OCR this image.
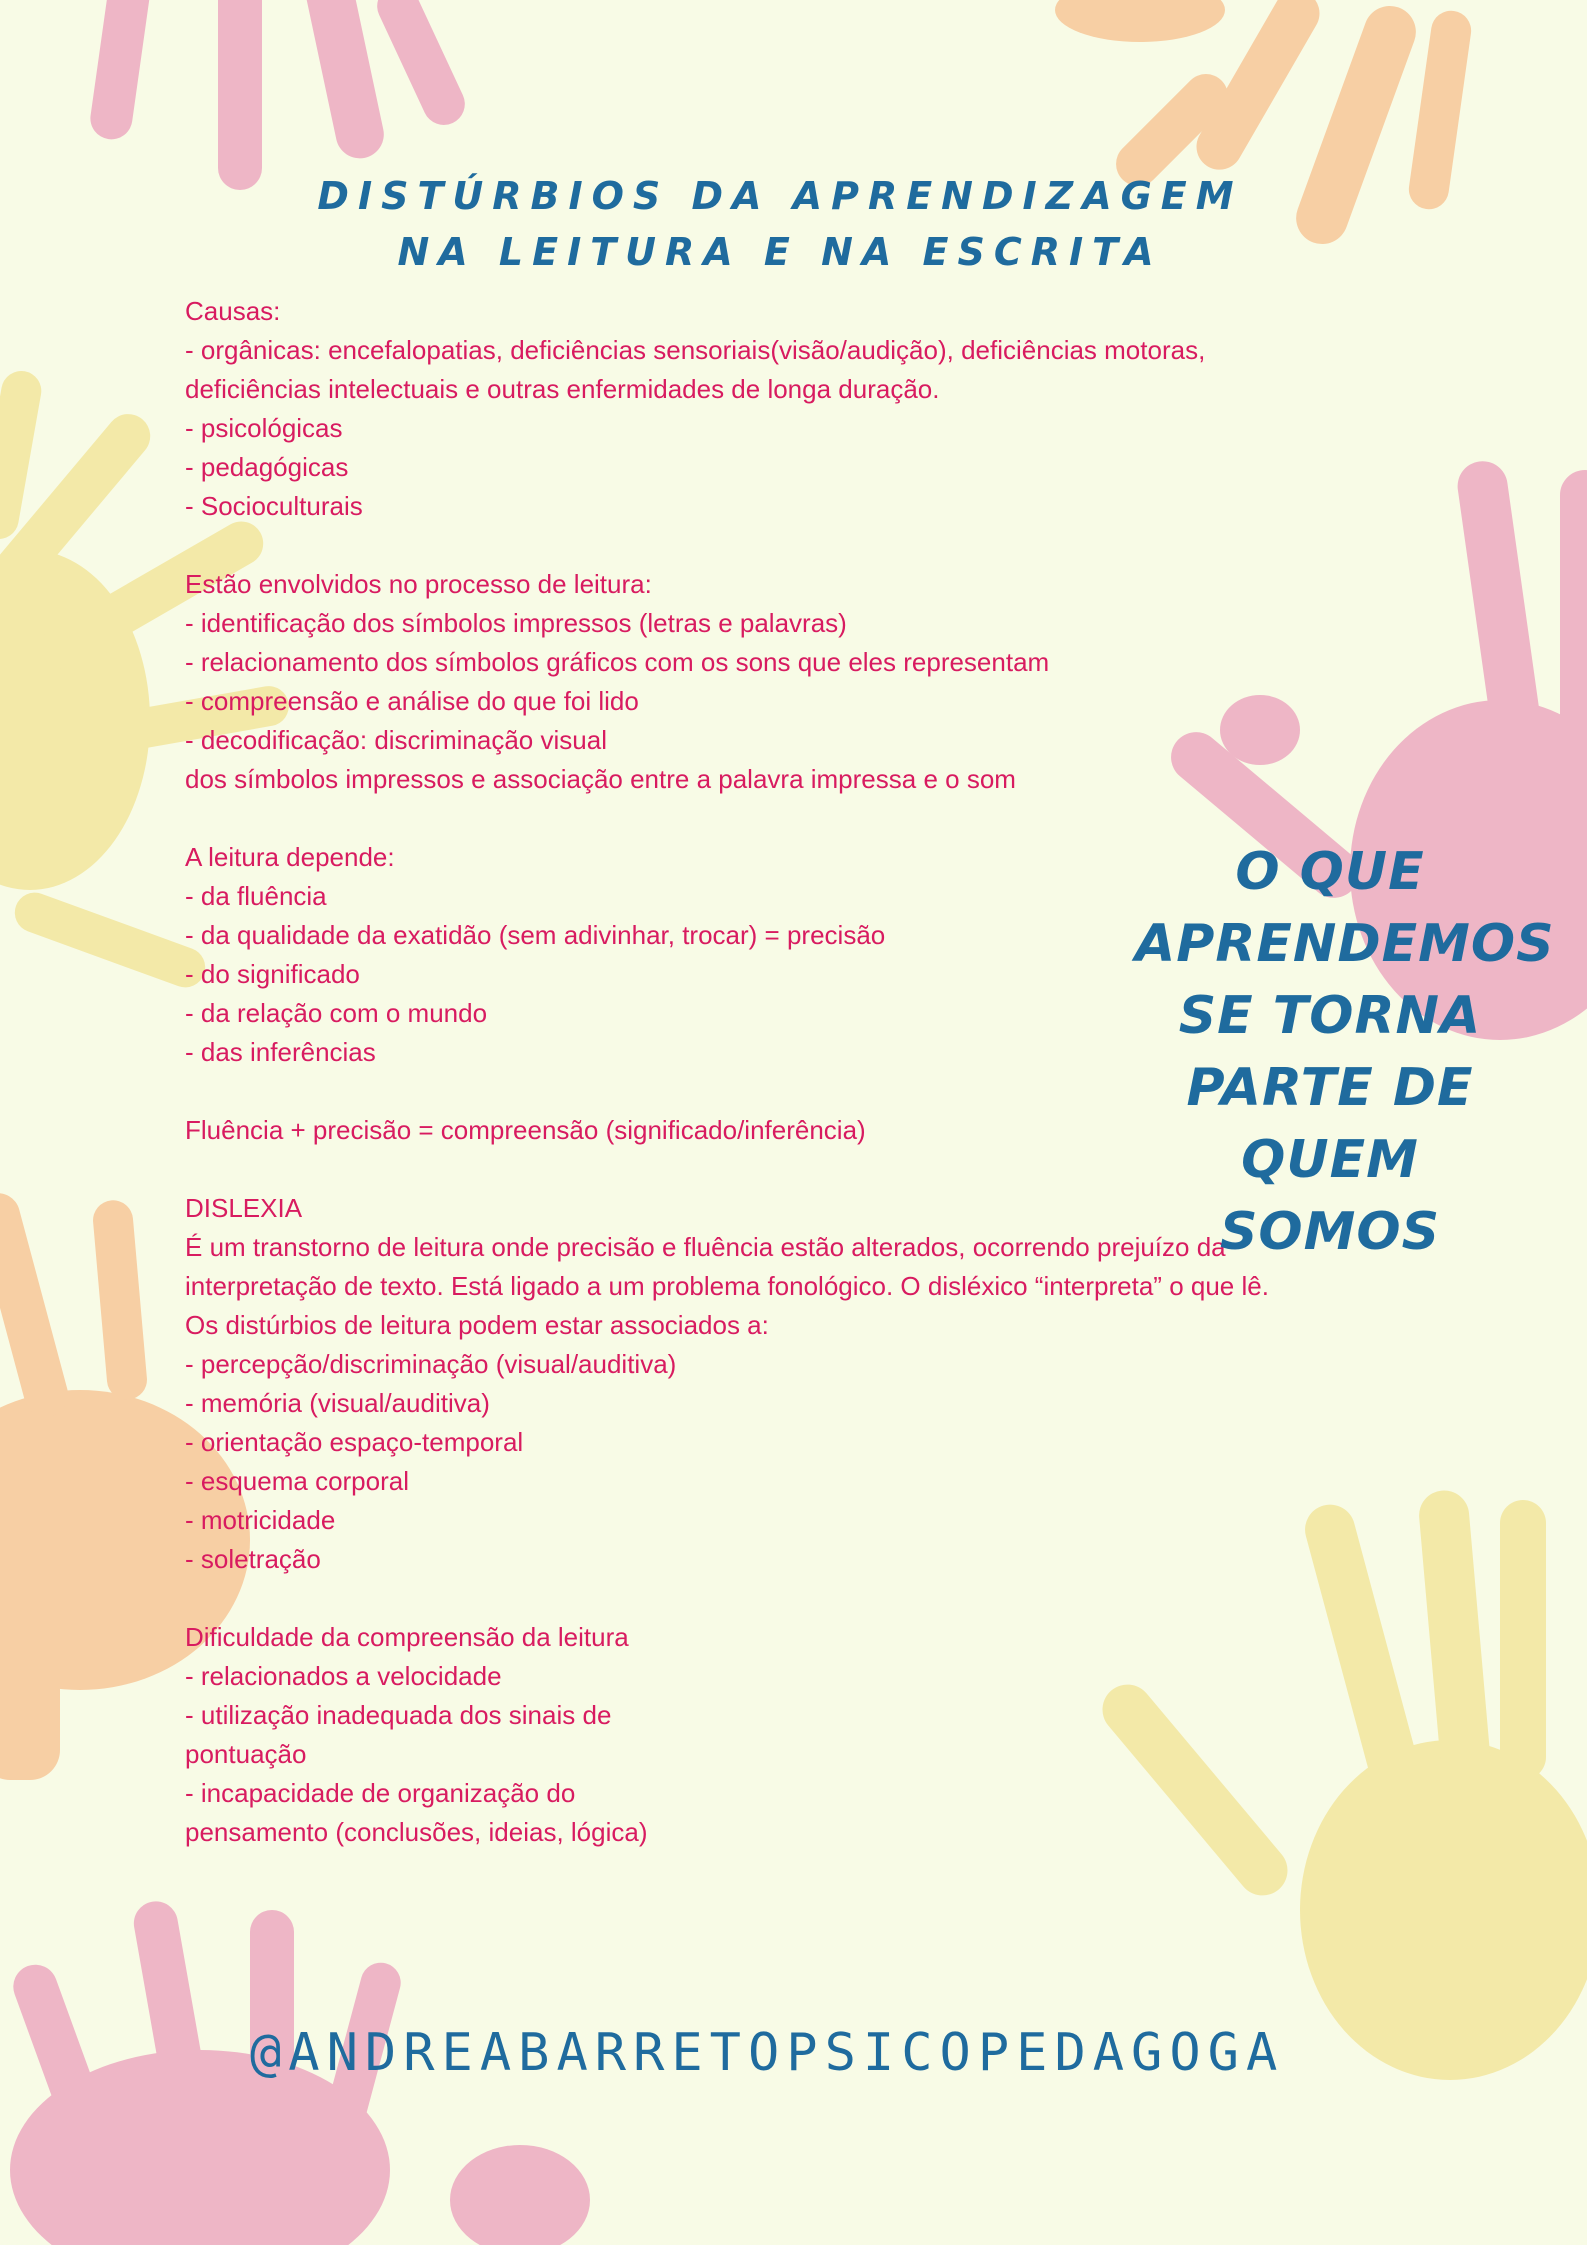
DISTÚRBIOS DA APRENDIZAGEM
NA LEITURA E NA ESCRITA
Causas:
- orgânicas: encefalopatias, deficiências sensoriais(visão/audição), deficiências motoras,
deficiências intelectuais e outras enfermidades de longa duração.
- psicológicas
- pedagógicas
- Socioculturais
Estão envolvidos no processo de leitura:
- identificação dos símbolos impressos (letras e palavras)
- relacionamento dos símbolos gráficos com os sons que eles representam
- compreensão e análise do que foi lido
- decodificação: discriminação visual
dos símbolos impressos e associação entre a palavra impressa e o som
A leitura depende:
- da fluência
- da qualidade da exatidão (sem adivinhar, trocar) = precisão
- do significado
- da relação com o mundo
- das inferências
Fluência + precisão = compreensão (significado/inferência)
DISLEXIA
É um transtorno de leitura onde precisão e fluência estão alterados, ocorrendo prejuízo da
interpretação de texto. Está ligado a um problema fonológico. O disléxico “interpreta” o que lê.
Os distúrbios de leitura podem estar associados a:
- percepção/discriminação (visual/auditiva)
- memória (visual/auditiva)
- orientação espaço-temporal
- esquema corporal
- motricidade
- soletração
Dificuldade da compreensão da leitura
- relacionados a velocidade
- utilização inadequada dos sinais de
pontuação
- incapacidade de organização do
pensamento (conclusões, ideias, lógica)
O QUE
APRENDEMOS
SE TORNA
PARTE DE
QUEM SOMOS
@ANDREABARRETOPSICOPEDAGOGA
